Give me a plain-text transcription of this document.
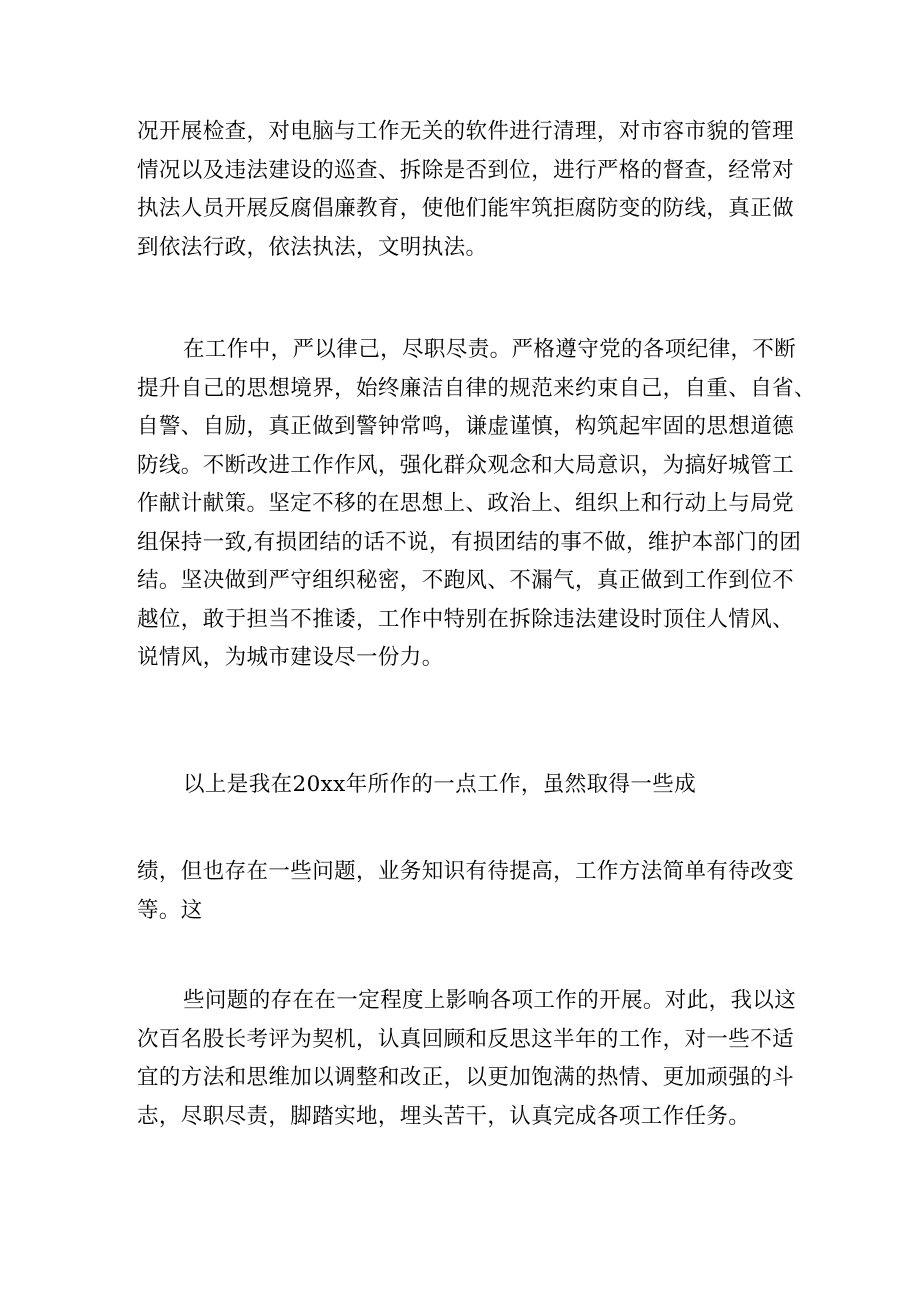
况开展检查，对电脑与工作无关的软件进行清理，对市容市貌的管理
情况以及违法建设的巡查、拆除是否到位，进行严格的督查，经常对
执法人员开展反腐倡廉教育，使他们能牢筑拒腐防变的防线，真正做
到依法行政，依法执法，文明执法。
在工作中，严以律己，尽职尽责。严格遵守党的各项纪律，不断
提升自己的思想境界，始终廉洁自律的规范来约束自己，自重、自省、
自警、自励，真正做到警钟常鸣，谦虚谨慎，构筑起牢固的思想道德
防线。不断改进工作作风，强化群众观念和大局意识，为搞好城管工
作献计献策。坚定不移的在思想上、政治上、组织上和行动上与局党
组保持一致,有损团结的话不说，有损团结的事不做，维护本部门的团
结。坚决做到严守组织秘密，不跑风、不漏气，真正做到工作到位不
越位，敢于担当不推诿，工作中特别在拆除违法建设时顶住人情风、
说情风，为城市建设尽一份力。
以上是我在20xx年所作的一点工作，虽然取得一些成
绩，但也存在一些问题，业务知识有待提高，工作方法简单有待改变
等。这
些问题的存在在一定程度上影响各项工作的开展。对此，我以这
次百名股长考评为契机，认真回顾和反思这半年的工作，对一些不适
宜的方法和思维加以调整和改正，以更加饱满的热情、更加顽强的斗
志，尽职尽责，脚踏实地，埋头苦干，认真完成各项工作任务。
